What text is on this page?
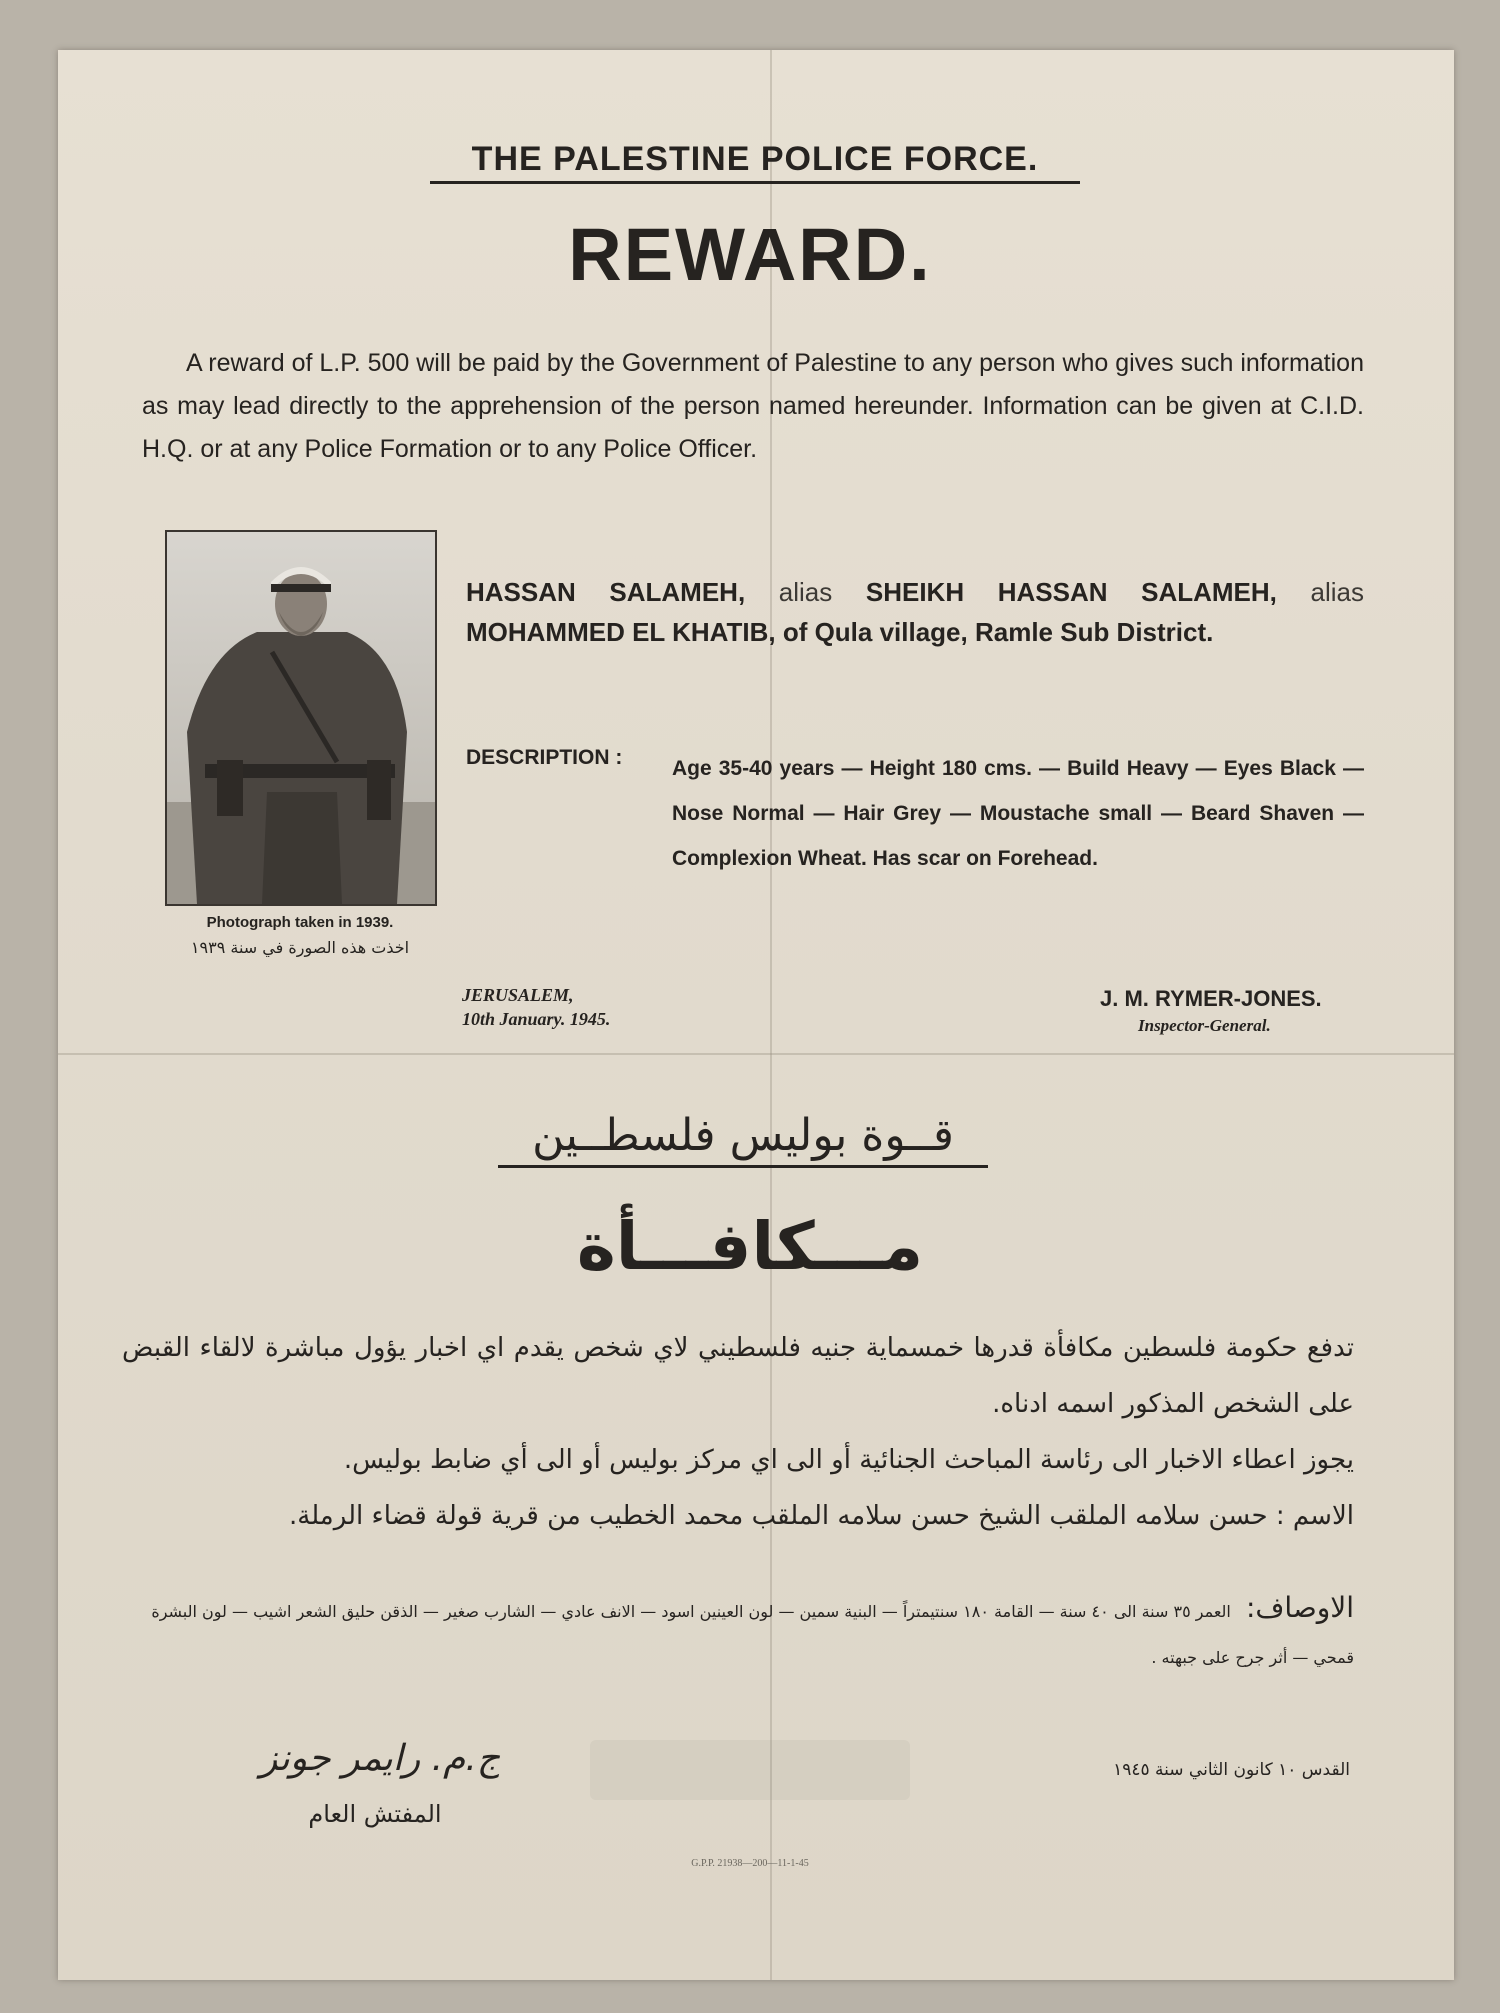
THE PALESTINE POLICE FORCE.
REWARD.
A reward of L.P. 500 will be paid by the Government of Palestine to any person who gives such information as may lead directly to the apprehension of the person named hereunder. Information can be given at C.I.D. H.Q. or at any Police Formation or to any Police Officer.
Photograph taken in 1939.
اخذت هذه الصورة في سنة ١٩٣٩
HASSAN SALAMEH, alias SHEIKH HASSAN SALAMEH, alias MOHAMMED EL KHATIB, of Qula village, Ramle Sub District.
DESCRIPTION : Age 35-40 years — Height 180 cms. — Build Heavy — Eyes Black — Nose Normal — Hair Grey — Moustache small — Beard Shaven — Complexion Wheat. Has scar on Forehead.
JERUSALEM,
10th January. 1945.
J. M. RYMER-JONES.
Inspector-General.
قــوة بوليس فلسطــين
مـــكافـــأة
تدفع حكومة فلسطين مكافأة قدرها خمسماية جنيه فلسطيني لاي شخص يقدم اي اخبار يؤول مباشرة لالقاء القبض على الشخص المذكور اسمه ادناه.
يجوز اعطاء الاخبار الى رئاسة المباحث الجنائية أو الى اي مركز بوليس أو الى أي ضابط بوليس.
الاسم : حسن سلامه الملقب الشيخ حسن سلامه الملقب محمد الخطيب من قرية قولة قضاء الرملة.
الاوصاف: العمر ٣٥ سنة الى ٤٠ سنة — القامة ١٨٠ سنتيمتراً — البنية سمين — لون العينين اسود — الانف عادي — الشارب صغير — الذقن حليق الشعر اشيب — لون البشرة قمحي — أثر جرح على جبهته .
ج.م. رايمر جونز
المفتش العام
القدس ١٠ كانون الثاني سنة ١٩٤٥
G.P.P. 21938—200—11-1-45
